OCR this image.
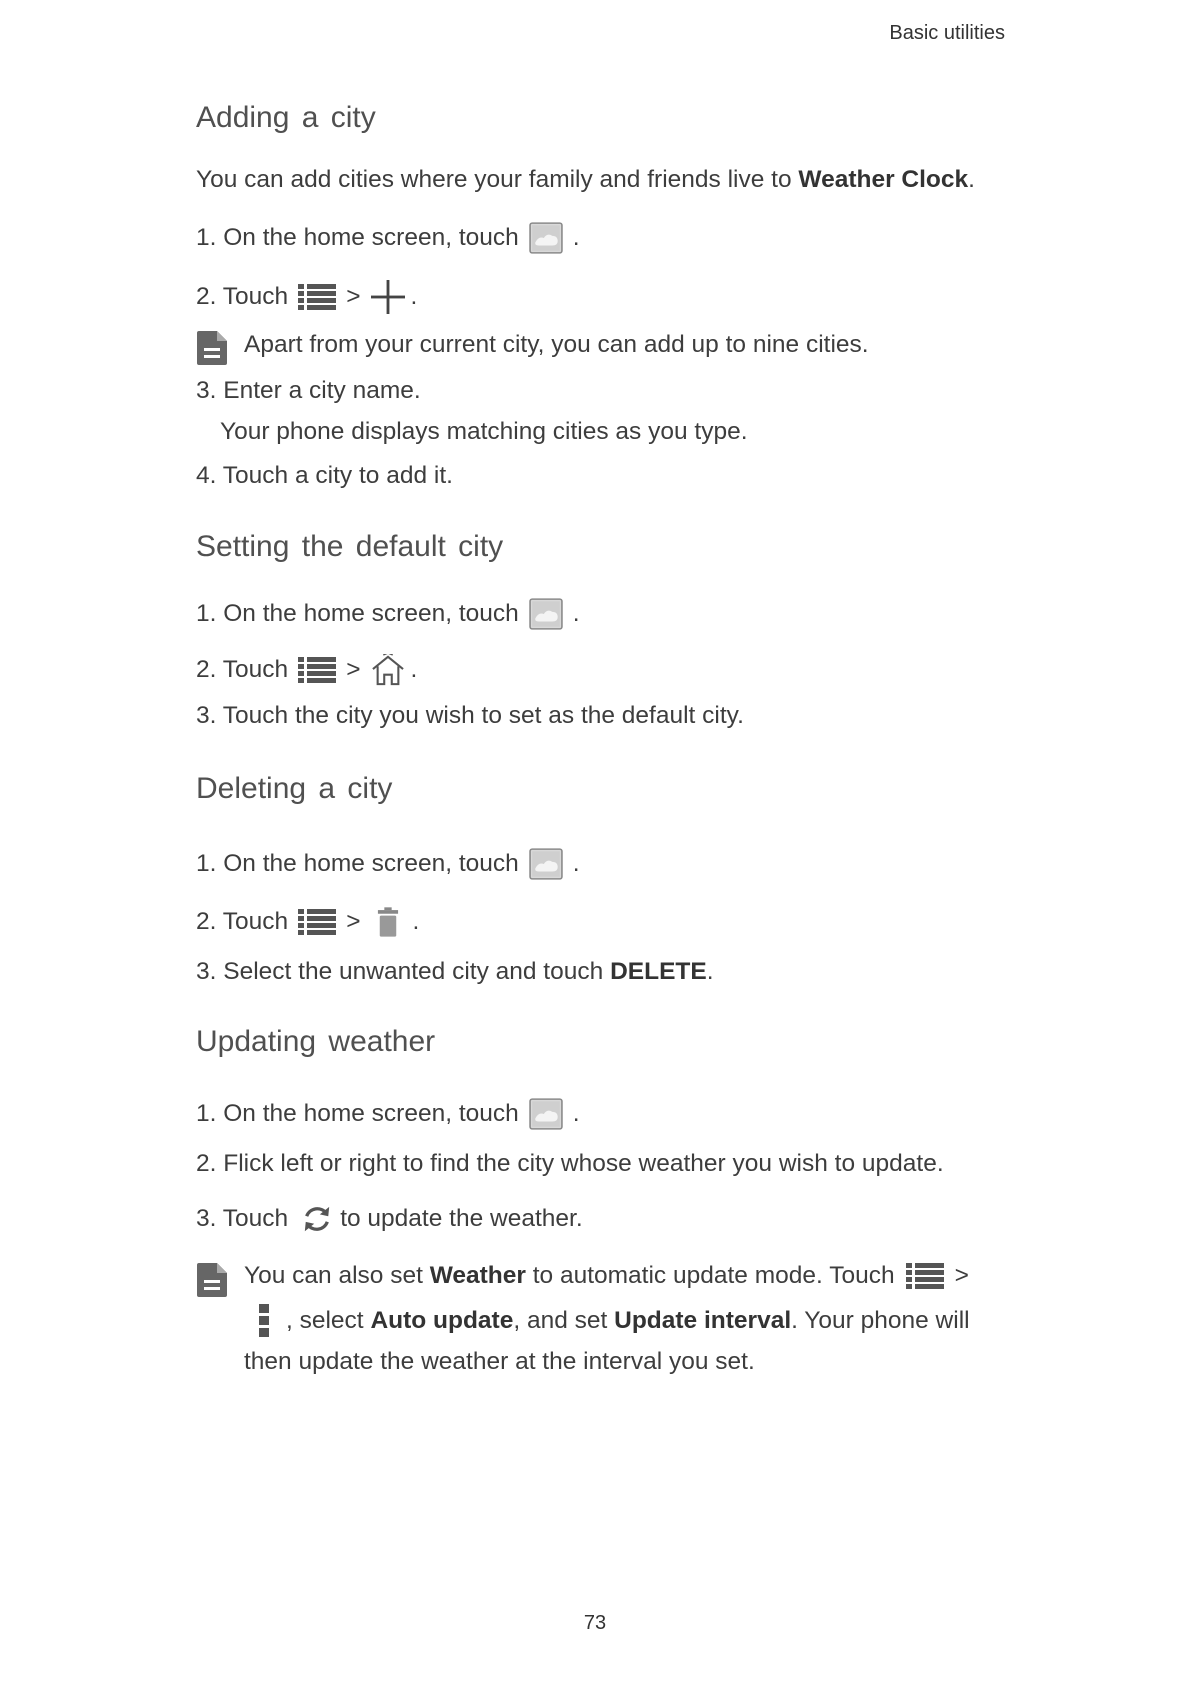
Basic utilities
Adding a city
You can add cities where your family and friends live to Weather Clock .
1. On the home screen, touch .
2. Touch > .
Apart from your current city, you can add up to nine cities.
3. Enter a city name.
Your phone displays matching cities as you type.
4. Touch a city to add it.
Setting the default city
1. On the home screen, touch .
2. Touch > .
3. Touch the city you wish to set as the default city.
Deleting a city
1. On the home screen, touch .
2. Touch > .
3. Select the unwanted city and touch DELETE .
Updating weather
1. On the home screen, touch .
2. Flick left or right to find the city whose weather you wish to update.
3. Touch to update the weather.
You can also set Weather to automatic update mode. Touch >
, select Auto update , and set Update interval . Your phone will
then update the weather at the interval you set.
73
